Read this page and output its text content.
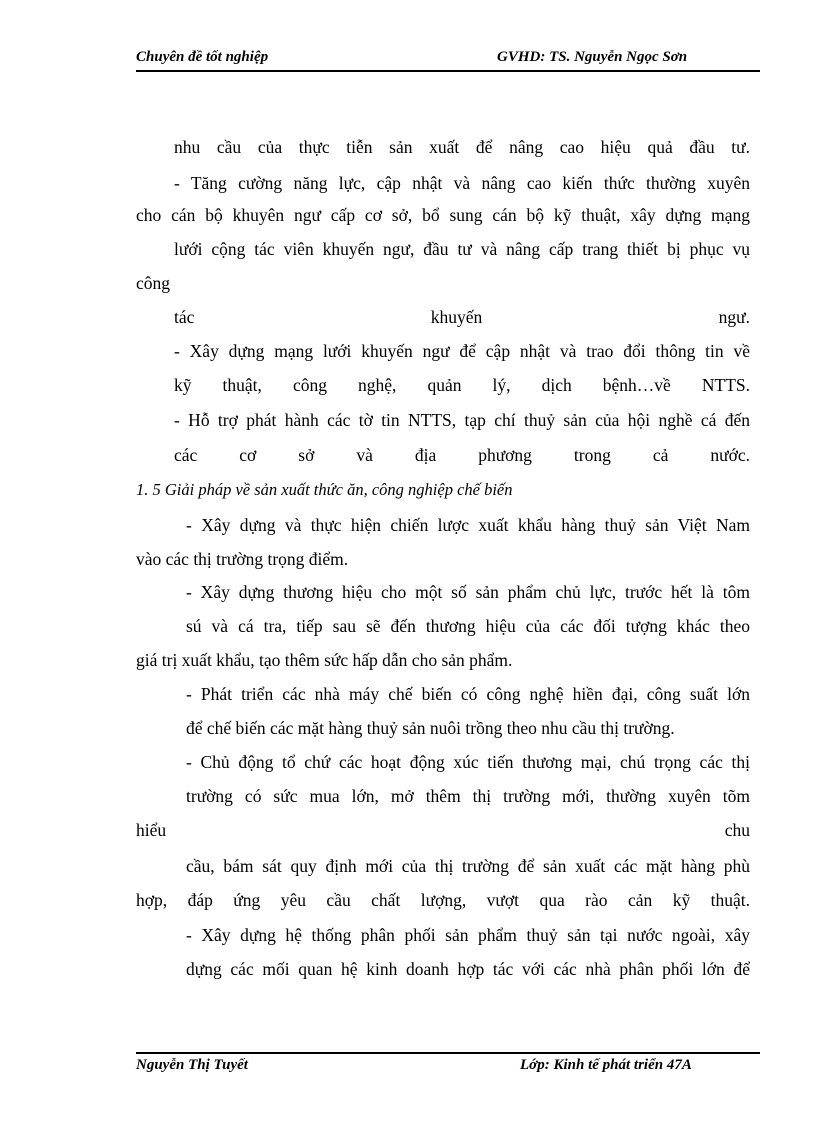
Chuyên đề tốt nghiệp	GVHD: TS. Nguyễn Ngọc Sơn
nhu cầu của thực tiễn sản xuất để nâng cao hiệu quả đầu tư.
- Tăng cường năng lực, cập nhật và nâng cao kiến thức thường xuyên
cho cán bộ khuyên ngư cấp cơ sở, bổ sung cán bộ kỹ thuật, xây dựng mạng
lưới cộng tác viên khuyến ngư, đầu tư và nâng cấp trang thiết bị phục vụ
công
tác khuyến ngư.
- Xây dựng mạng lưới khuyến ngư để cập nhật và trao đổi thông tin về
kỹ thuật, công nghệ, quản lý, dịch bệnh…về NTTS.
- Hỗ trợ phát hành các tờ tin NTTS, tạp chí thuỷ sản của hội nghề cá đến
các cơ sở và địa phương trong cả nước.
1. 5 Giải pháp về sản xuất thức ăn, công nghiệp chế biến
- Xây dựng và thực hiện chiến lược xuất khẩu hàng thuỷ sản Việt Nam
vào các thị trường trọng điểm.
- Xây dựng thương hiệu cho một số sản phẩm chủ lực, trước hết là tôm
sú và cá tra, tiếp sau sẽ đến thương hiệu của các đối tượng khác theo
giá trị xuất khẩu, tạo thêm sức hấp dẫn cho sản phẩm.
- Phát triển các nhà máy chế biến có công nghệ hiền đại, công suất lớn
để chế biến các mặt hàng thuỷ sản nuôi trồng theo nhu cầu thị trường.
- Chủ động tổ chứ các hoạt động xúc tiến thương mại, chú trọng các thị
trường có sức mua lớn, mở thêm thị trường mới, thường xuyên tõm
hiểu chu
cầu, bám sát quy định mới của thị trường để sản xuất các mặt hàng phù
hợp, đáp ứng yêu cầu chất lượng, vượt qua rào cản kỹ thuật.
- Xây dựng hệ thống phân phối sản phẩm thuỷ sản tại nước ngoài, xây
dựng các mối quan hệ kinh doanh hợp tác với các nhà phân phối lớn để
Nguyễn Thị Tuyết	Lớp: Kinh tế phát triển 47A
